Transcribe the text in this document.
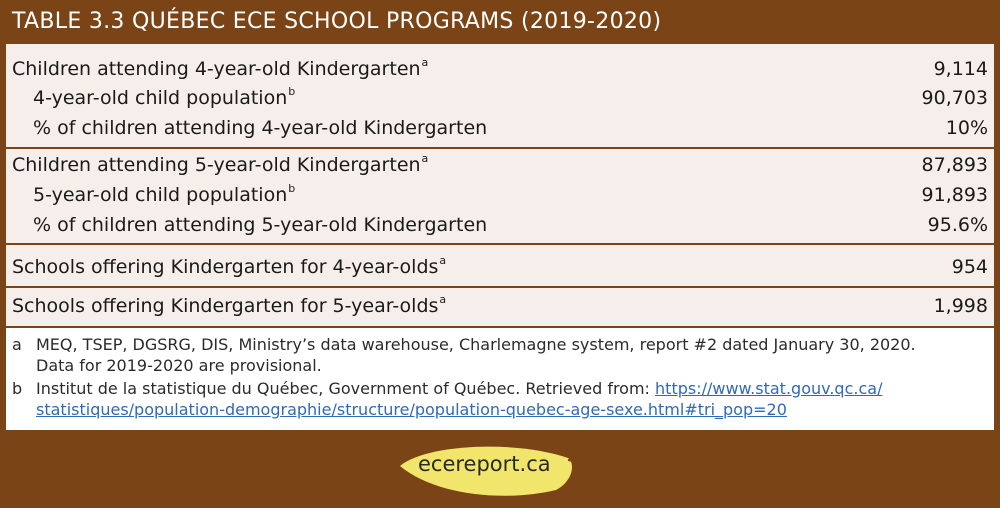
TABLE 3.3 QUÉBEC ECE SCHOOL PROGRAMS (2019-2020)
Children attending 4-year-old Kindergarten$^a$	9,114
4-year-old child population$^b$	90,703
% of children attending 4-year-old Kindergarten	10%
Children attending 5-year-old Kindergarten$^a$	87,893
5-year-old child population$^b$	91,893
% of children attending 5-year-old Kindergarten	95.6%
Schools offering Kindergarten for 4-year-olds$^a$	954
Schools offering Kindergarten for 5-year-olds$^a$	1,998
a MEQ, TSEP, DGSRG, DIS, Ministry’s data warehouse, Charlemagne system, report #2 dated January 30, 2020.
Data for 2019-2020 are provisional.
b Institut de la statistique du Québec, Government of Québec. Retrieved from: https://www.stat.gouv.qc.ca/
statistiques/population-demographie/structure/population-quebec-age-sexe.html#tri_pop=20
ecereport.ca
